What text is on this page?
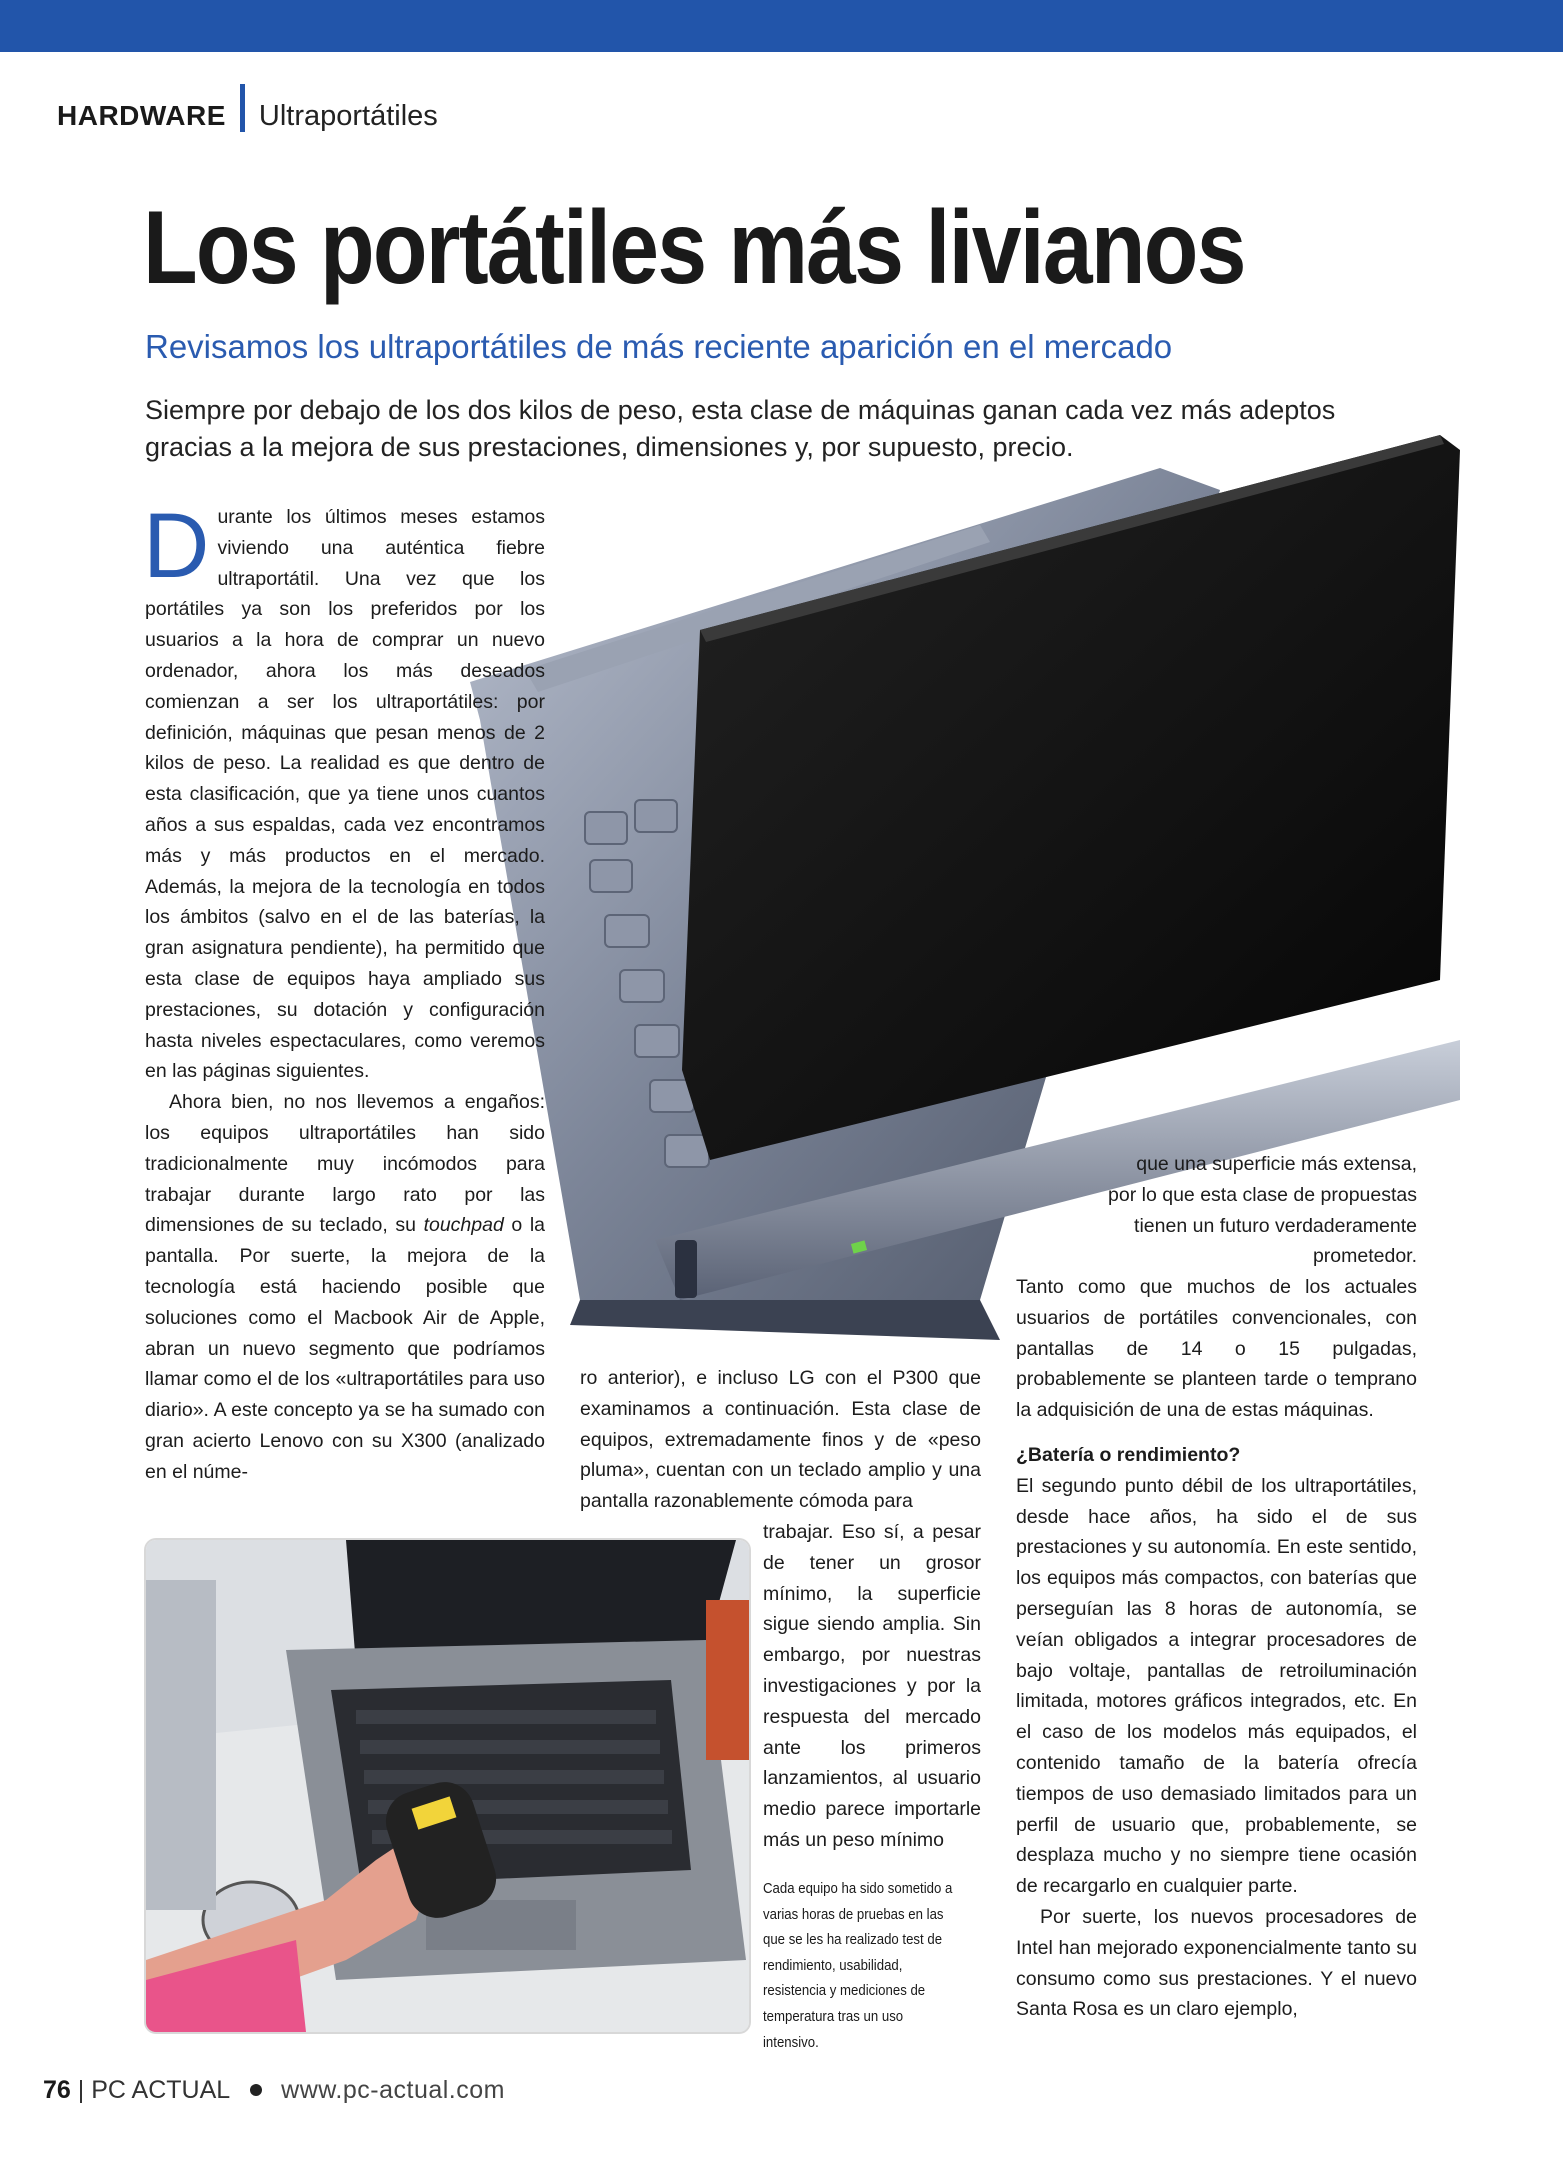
HARDWARE Ultraportátiles
Los portátiles más livianos
Revisamos los ultraportátiles de más reciente aparición en el mercado
Siempre por debajo de los dos kilos de peso, esta clase de máquinas ganan cada vez más adeptos gracias a la mejora de sus prestaciones, dimensiones y, por supuesto, precio.

Durante los últimos meses estamos viviendo una auténtica fiebre ultraportátil. Una vez que los portátiles ya son los preferidos por los usuarios a la hora de comprar un nuevo ordenador, ahora los más deseados comienzan a ser los ultraportátiles: por definición, máquinas que pesan menos de 2 kilos de peso. La realidad es que dentro de esta clasificación, que ya tiene unos cuantos años a sus espaldas, cada vez encontramos más y más productos en el mercado. Además, la mejora de la tecnología en todos los ámbitos (salvo en el de las baterías, la gran asignatura pendiente), ha permitido que esta clase de equipos haya ampliado sus prestaciones, su dotación y configuración hasta niveles espectaculares, como veremos en las páginas siguientes.

Ahora bien, no nos llevemos a engaños: los equipos ultraportátiles han sido tradicionalmente muy incómodos para trabajar durante largo rato por las dimensiones de su teclado, su touchpad o la pantalla. Por suerte, la mejora de la tecnología está haciendo posible que soluciones como el Macbook Air de Apple, abran un nuevo segmento que podríamos llamar como el de los «ultraportátiles para uso diario». A este concepto ya se ha sumado con gran acierto Lenovo con su X300 (analizado en el núme-

ro anterior), e incluso LG con el P300 que examinamos a continuación. Esta clase de equipos, extremadamente finos y de «peso pluma», cuentan con un teclado amplio y una pantalla razonablemente cómoda para

trabajar. Eso sí, a pesar de tener un grosor mínimo, la superficie sigue siendo amplia. Sin embargo, por nuestras investigaciones y por la respuesta del mercado ante los primeros lanzamientos, al usuario medio parece importarle más un peso mínimo

Cada equipo ha sido sometido a varias horas de pruebas en las que se les ha realizado test de rendimiento, usabilidad, resistencia y mediciones de temperatura tras un uso intensivo.

que una superficie más extensa, por lo que esta clase de propuestas tienen un futuro verdaderamente prometedor.

Tanto como que muchos de los actuales usuarios de portátiles convencionales, con pantallas de 14 o 15 pulgadas, probablemente se planteen tarde o temprano la adquisición de una de estas máquinas.

¿Batería o rendimiento?

El segundo punto débil de los ultraportátiles, desde hace años, ha sido el de sus prestaciones y su autonomía. En este sentido, los equipos más compactos, con baterías que perseguían las 8 horas de autonomía, se veían obligados a integrar procesadores de bajo voltaje, pantallas de retroiluminación limitada, motores gráficos integrados, etc. En el caso de los modelos más equipados, el contenido tamaño de la batería ofrecía tiempos de uso demasiado limitados para un perfil de usuario que, probablemente, se desplaza mucho y no siempre tiene ocasión de recargarlo en cualquier parte.

Por suerte, los nuevos procesadores de Intel han mejorado exponencialmente tanto su consumo como sus prestaciones. Y el nuevo Santa Rosa es un claro ejemplo,

76 | PC ACTUAL www.pc-actual.com
